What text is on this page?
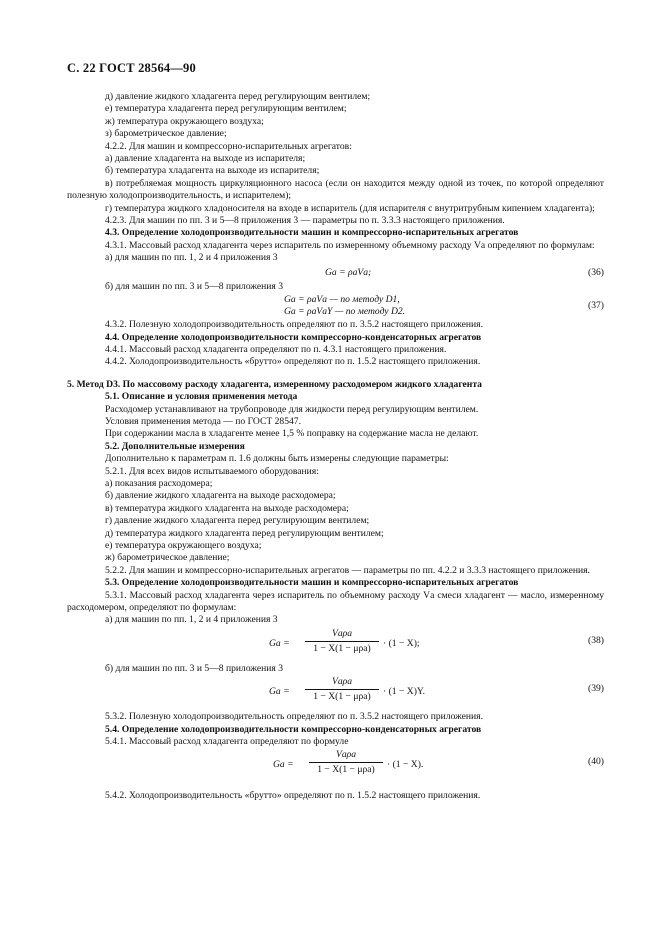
С. 22 ГОСТ 28564—90

д) давление жидкого хладагента перед регулирующим вентилем;

е) температура хладагента перед регулирующим вентилем;

ж) температура окружающего воздуха;

з) барометрическое давление;

4.2.2. Для машин и компрессорно-испарительных агрегатов:

а) давление хладагента на выходе из испарителя;

б) температура хладагента на выходе из испарителя;

в) потребляемая мощность циркуляционного насоса (если он находится между одной из точек, по которой определяют полезную холодопроизводительность, и испарителем);

г) температура жидкого хладоносителя на входе в испаритель (для испарителя с внутритрубным кипением хладагента);

4.2.3. Для машин по пп. 3 и 5—8 приложения 3 — параметры по п. 3.3.3 настоящего приложения.

4.3. Определение холодопроизводительности машин и компрессорно-испарительных агрегатов

4.3.1. Массовый расход хладагента через испаритель по измеренному объемному расходу Vа определяют по формулам:

а) для машин по пп. 1, 2 и 4 приложения 3

Gа = ρаVа;	(36)

б) для машин по пп. 3 и 5—8 приложения 3

Gа = ρаVа — по методу D1,
Gа = ρаVаY — по методу D2.
(37)

4.3.2. Полезную холодопроизводительность определяют по п. 3.5.2 настоящего приложения.

4.4. Определение холодопроизводительности компрессорно-конденсаторных агрегатов

4.4.1. Массовый расход хладагента определяют по п. 4.3.1 настоящего приложения.

4.4.2. Холодопроизводительность «брутто» определяют по п. 1.5.2 настоящего приложения.

5. Метод D3. По массовому расходу хладагента, измеренному расходомером жидкого хладагента

5.1. Описание и условия применения метода

Расходомер устанавливают на трубопроводе для жидкости перед регулирующим вентилем.

Условия применения метода — по ГОСТ 28547.

При содержании масла в хладагенте менее 1,5 % поправку на содержание масла не делают.

5.2. Дополнительные измерения

Дополнительно к параметрам п. 1.6 должны быть измерены следующие параметры:

5.2.1. Для всех видов испытываемого оборудования:

а) показания расходомера;

б) давление жидкого хладагента на выходе расходомера;

в) температура жидкого хладагента на выходе расходомера;

г) давление жидкого хладагента перед регулирующим вентилем;

д) температура жидкого хладагента перед регулирующим вентилем;

е) температура окружающего воздуха;

ж) барометрическое давление;

5.2.2. Для машин и компрессорно-испарительных агрегатов — параметры по пп. 4.2.2 и 3.3.3 настоящего приложения.

5.3. Определение холодопроизводительности машин и компрессорно-испарительных агрегатов

5.3.1. Массовый расход хладагента через испаритель по объемному расходу Vа смеси хладагент — масло, измеренному расходомером, определяют по формулам:

а) для машин по пп. 1, 2 и 4 приложения 3

Gа =
Vаρа
1 − X(1 − μρа)	· (1 − X);	(38)

б) для машин по пп. 3 и 5—8 приложения 3

Gа =
Vаρа
1 − X(1 − μρа)	· (1 − X)Y.	(39)

5.3.2. Полезную холодопроизводительность определяют по п. 3.5.2 настоящего приложения.

5.4. Определение холодопроизводительности компрессорно-конденсаторных агрегатов

5.4.1. Массовый расход хладагента определяют по формуле

Gа =
Vаρа
1 − X(1 − μρа)	· (1 − X).	(40)

5.4.2. Холодопроизводительность «брутто» определяют по п. 1.5.2 настоящего приложения.
